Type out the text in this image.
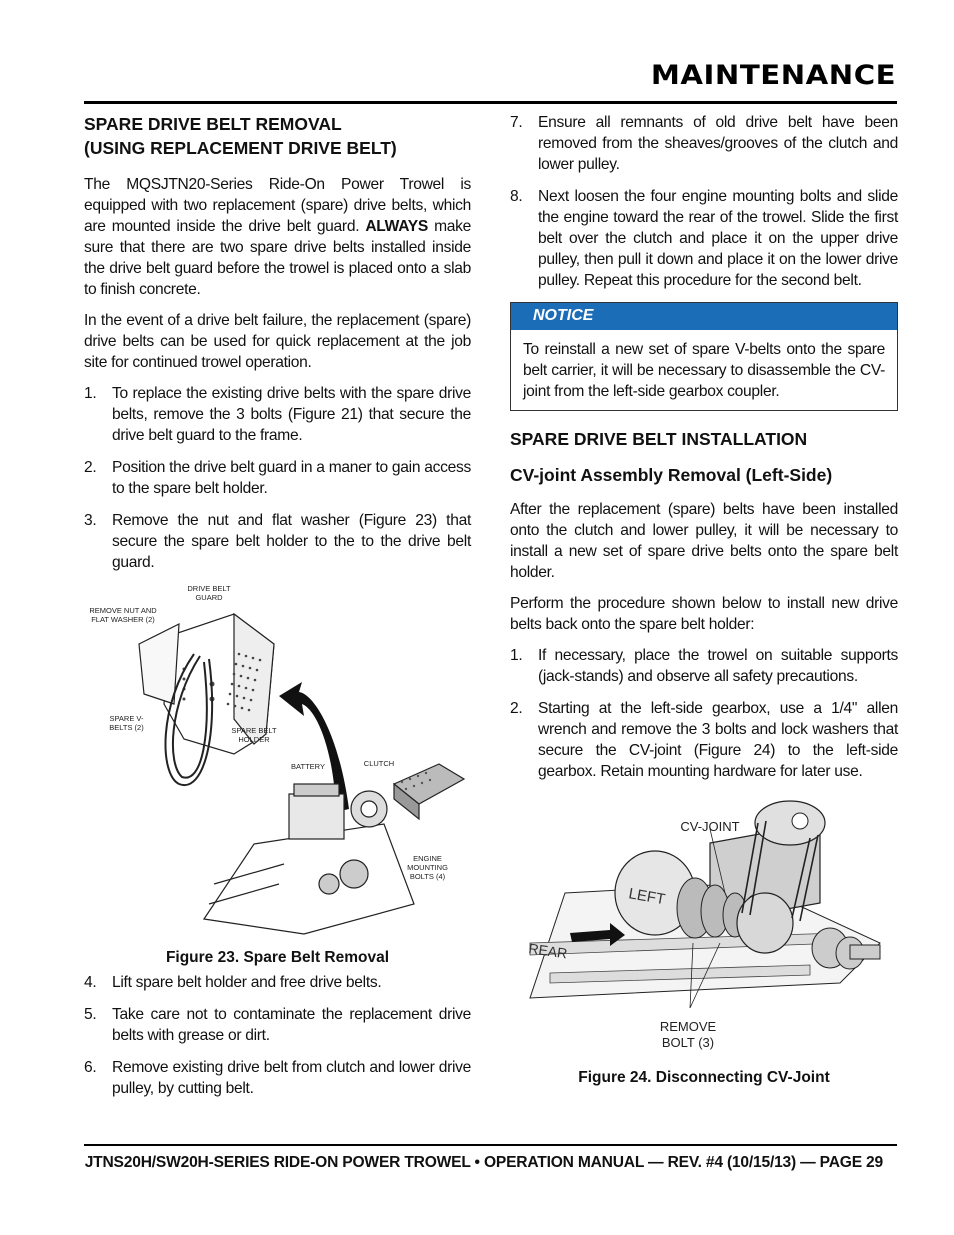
MAINTENANCE
SPARE DRIVE BELT REMOVAL
(USING REPLACEMENT DRIVE BELT)

The MQSJTN20-Series Ride-On Power Trowel is equipped with two replacement (spare) drive belts, which are mounted inside the drive belt guard. ALWAYS make sure that there are two spare drive belts installed inside the drive belt guard before the trowel is placed onto a slab to finish concrete.

In the event of a drive belt failure, the replacement (spare) drive belts can be used for quick replacement at the job site for continued trowel operation.

1. To replace the existing drive belts with the spare drive belts, remove the 3 bolts (Figure 21) that secure the drive belt guard to the frame.
2. Position the drive belt guard in a maner to gain access to the spare belt holder.
3. Remove the nut and flat washer (Figure 23) that secure the spare belt holder to the to the drive belt guard.
DRIVE BELT GUARD
REMOVE NUT AND FLAT WASHER (2)
SPARE V-BELTS (2)	SPARE BELT HOLDER
BATTERY	CLUTCH
ENGINE MOUNTING BOLTS (4)
Figure 23. Spare Belt Removal
4. Lift spare belt holder and free drive belts.
5. Take care not to contaminate the replacement drive belts with grease or dirt.
6. Remove existing drive belt from clutch and lower drive pulley, by cutting belt.
7. Ensure all remnants of old drive belt have been removed from the sheaves/grooves of the clutch and lower pulley.
8. Next loosen the four engine mounting bolts and slide the engine toward the rear of the trowel. Slide the first belt over the clutch and place it on the upper drive pulley, then pull it down and place it on the lower drive pulley. Repeat this procedure for the second belt.
NOTICE
To reinstall a new set of spare V-belts onto the spare belt carrier, it will be necessary to disassemble the CV-joint from the left-side gearbox coupler.
SPARE DRIVE BELT INSTALLATION
CV-joint Assembly Removal (Left-Side)

After the replacement (spare) belts have been installed onto the clutch and lower pulley, it will be necessary to install a new set of spare drive belts onto the spare belt holder.

Perform the procedure shown below to install new drive belts back onto the spare belt holder:

1. If necessary, place the trowel on suitable supports (jack-stands) and observe all safety precautions.
2. Starting at the left-side gearbox, use a 1/4" allen wrench and remove the 3 bolts and lock washers that secure the CV-joint (Figure 24) to the left-side gearbox. Retain mounting hardware for later use.
LEFT
REAR
CV-JOINT
REMOVE BOLT (3)
Figure 24. Disconnecting CV-Joint
JTNS20H/SW20H-SERIES RIDE-ON POWER TROWEL • OPERATION MANUAL — REV. #4 (10/15/13) — PAGE 29
